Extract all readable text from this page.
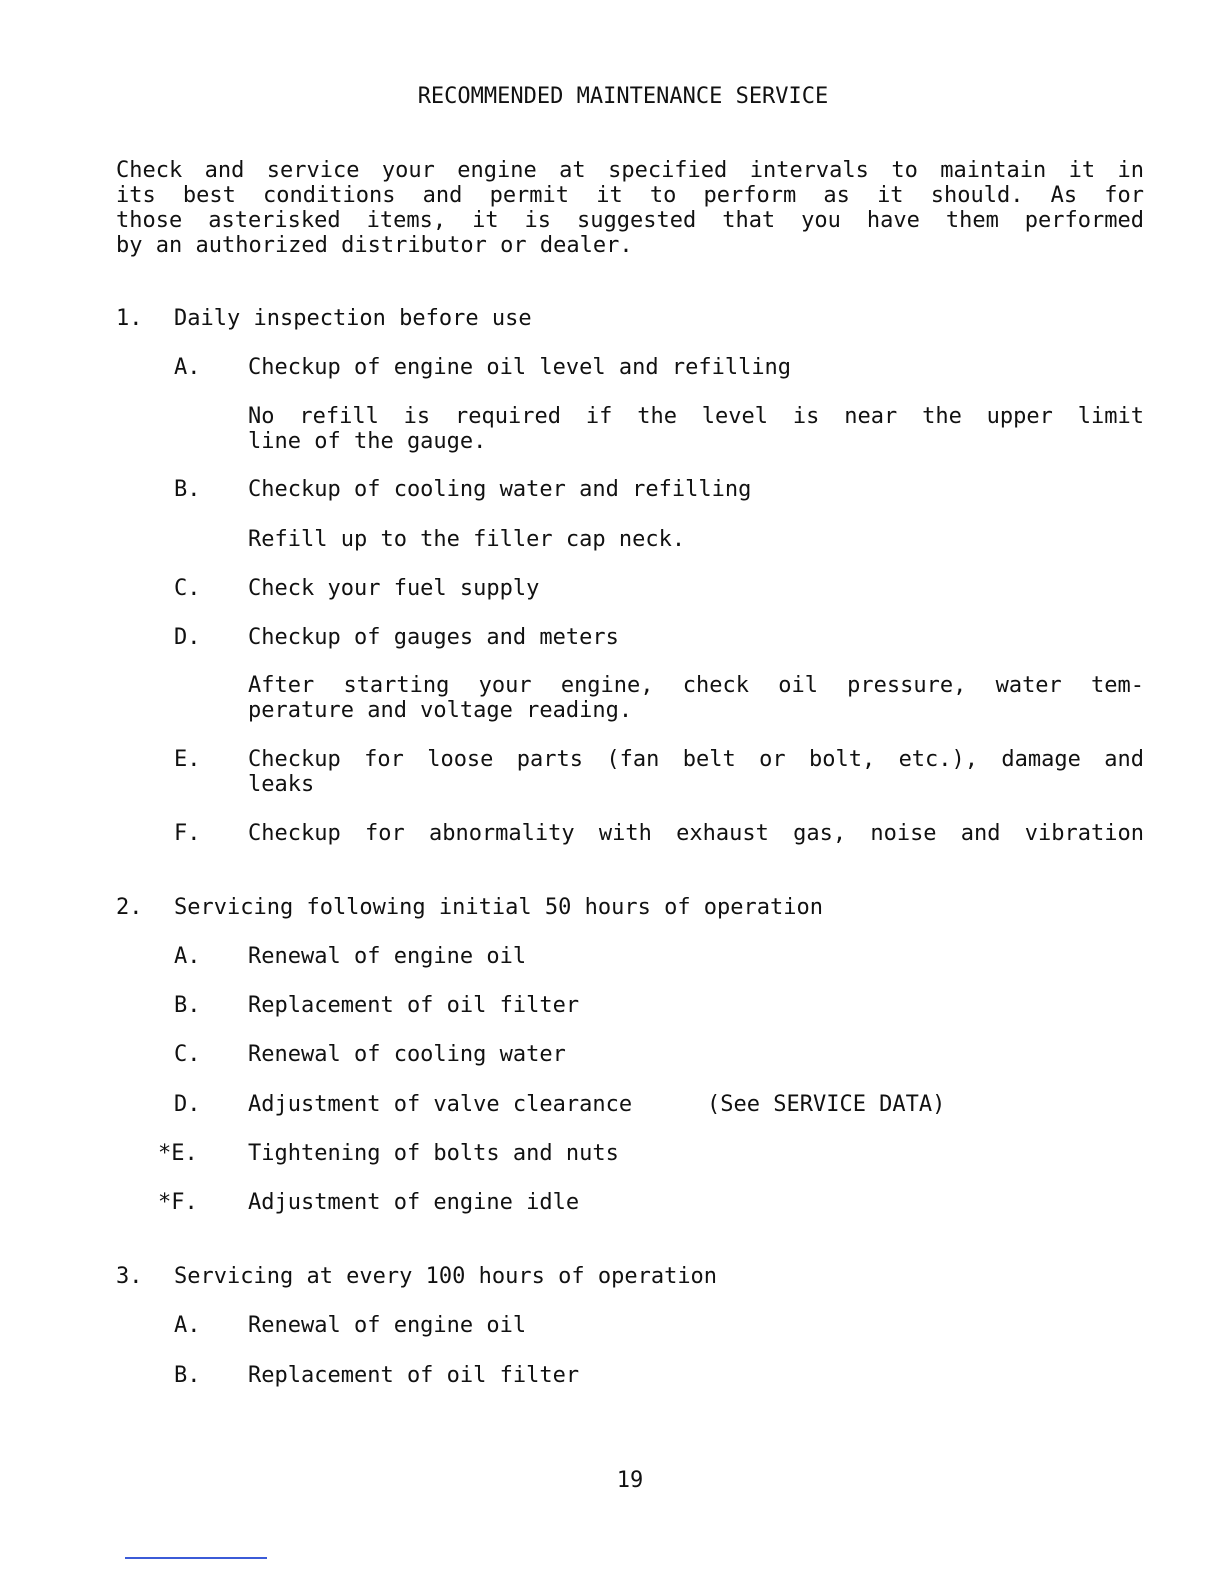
RECOMMENDED MAINTENANCE SERVICE

Check and service your engine at specified intervals to maintain it in

its best conditions and permit it to perform as it should. As for

those asterisked items, it is suggested that you have them performed

by an authorized distributor or dealer.

1. Daily inspection before use
A. Checkup of engine oil level and refilling

No refill is required if the level is near the upper limit

line of the gauge.
B. Checkup of cooling water and refilling
Refill up to the filler cap neck.
C. Check your fuel supply
D. Checkup of gauges and meters

After starting your engine, check oil pressure, water tem-

perature and voltage reading.
E. Checkup for loose parts (fan belt or bolt, etc.), damage and

leaks
F. Checkup for abnormality with exhaust gas, noise and vibration

2. Servicing following initial 50 hours of operation
A. Renewal of engine oil
B. Replacement of oil filter
C. Renewal of cooling water
D. Adjustment of valve clearance	(See SERVICE DATA)
*E. Tightening of bolts and nuts
*F. Adjustment of engine idle
3. Servicing at every 100 hours of operation
A. Renewal of engine oil
B. Replacement of oil filter
19
